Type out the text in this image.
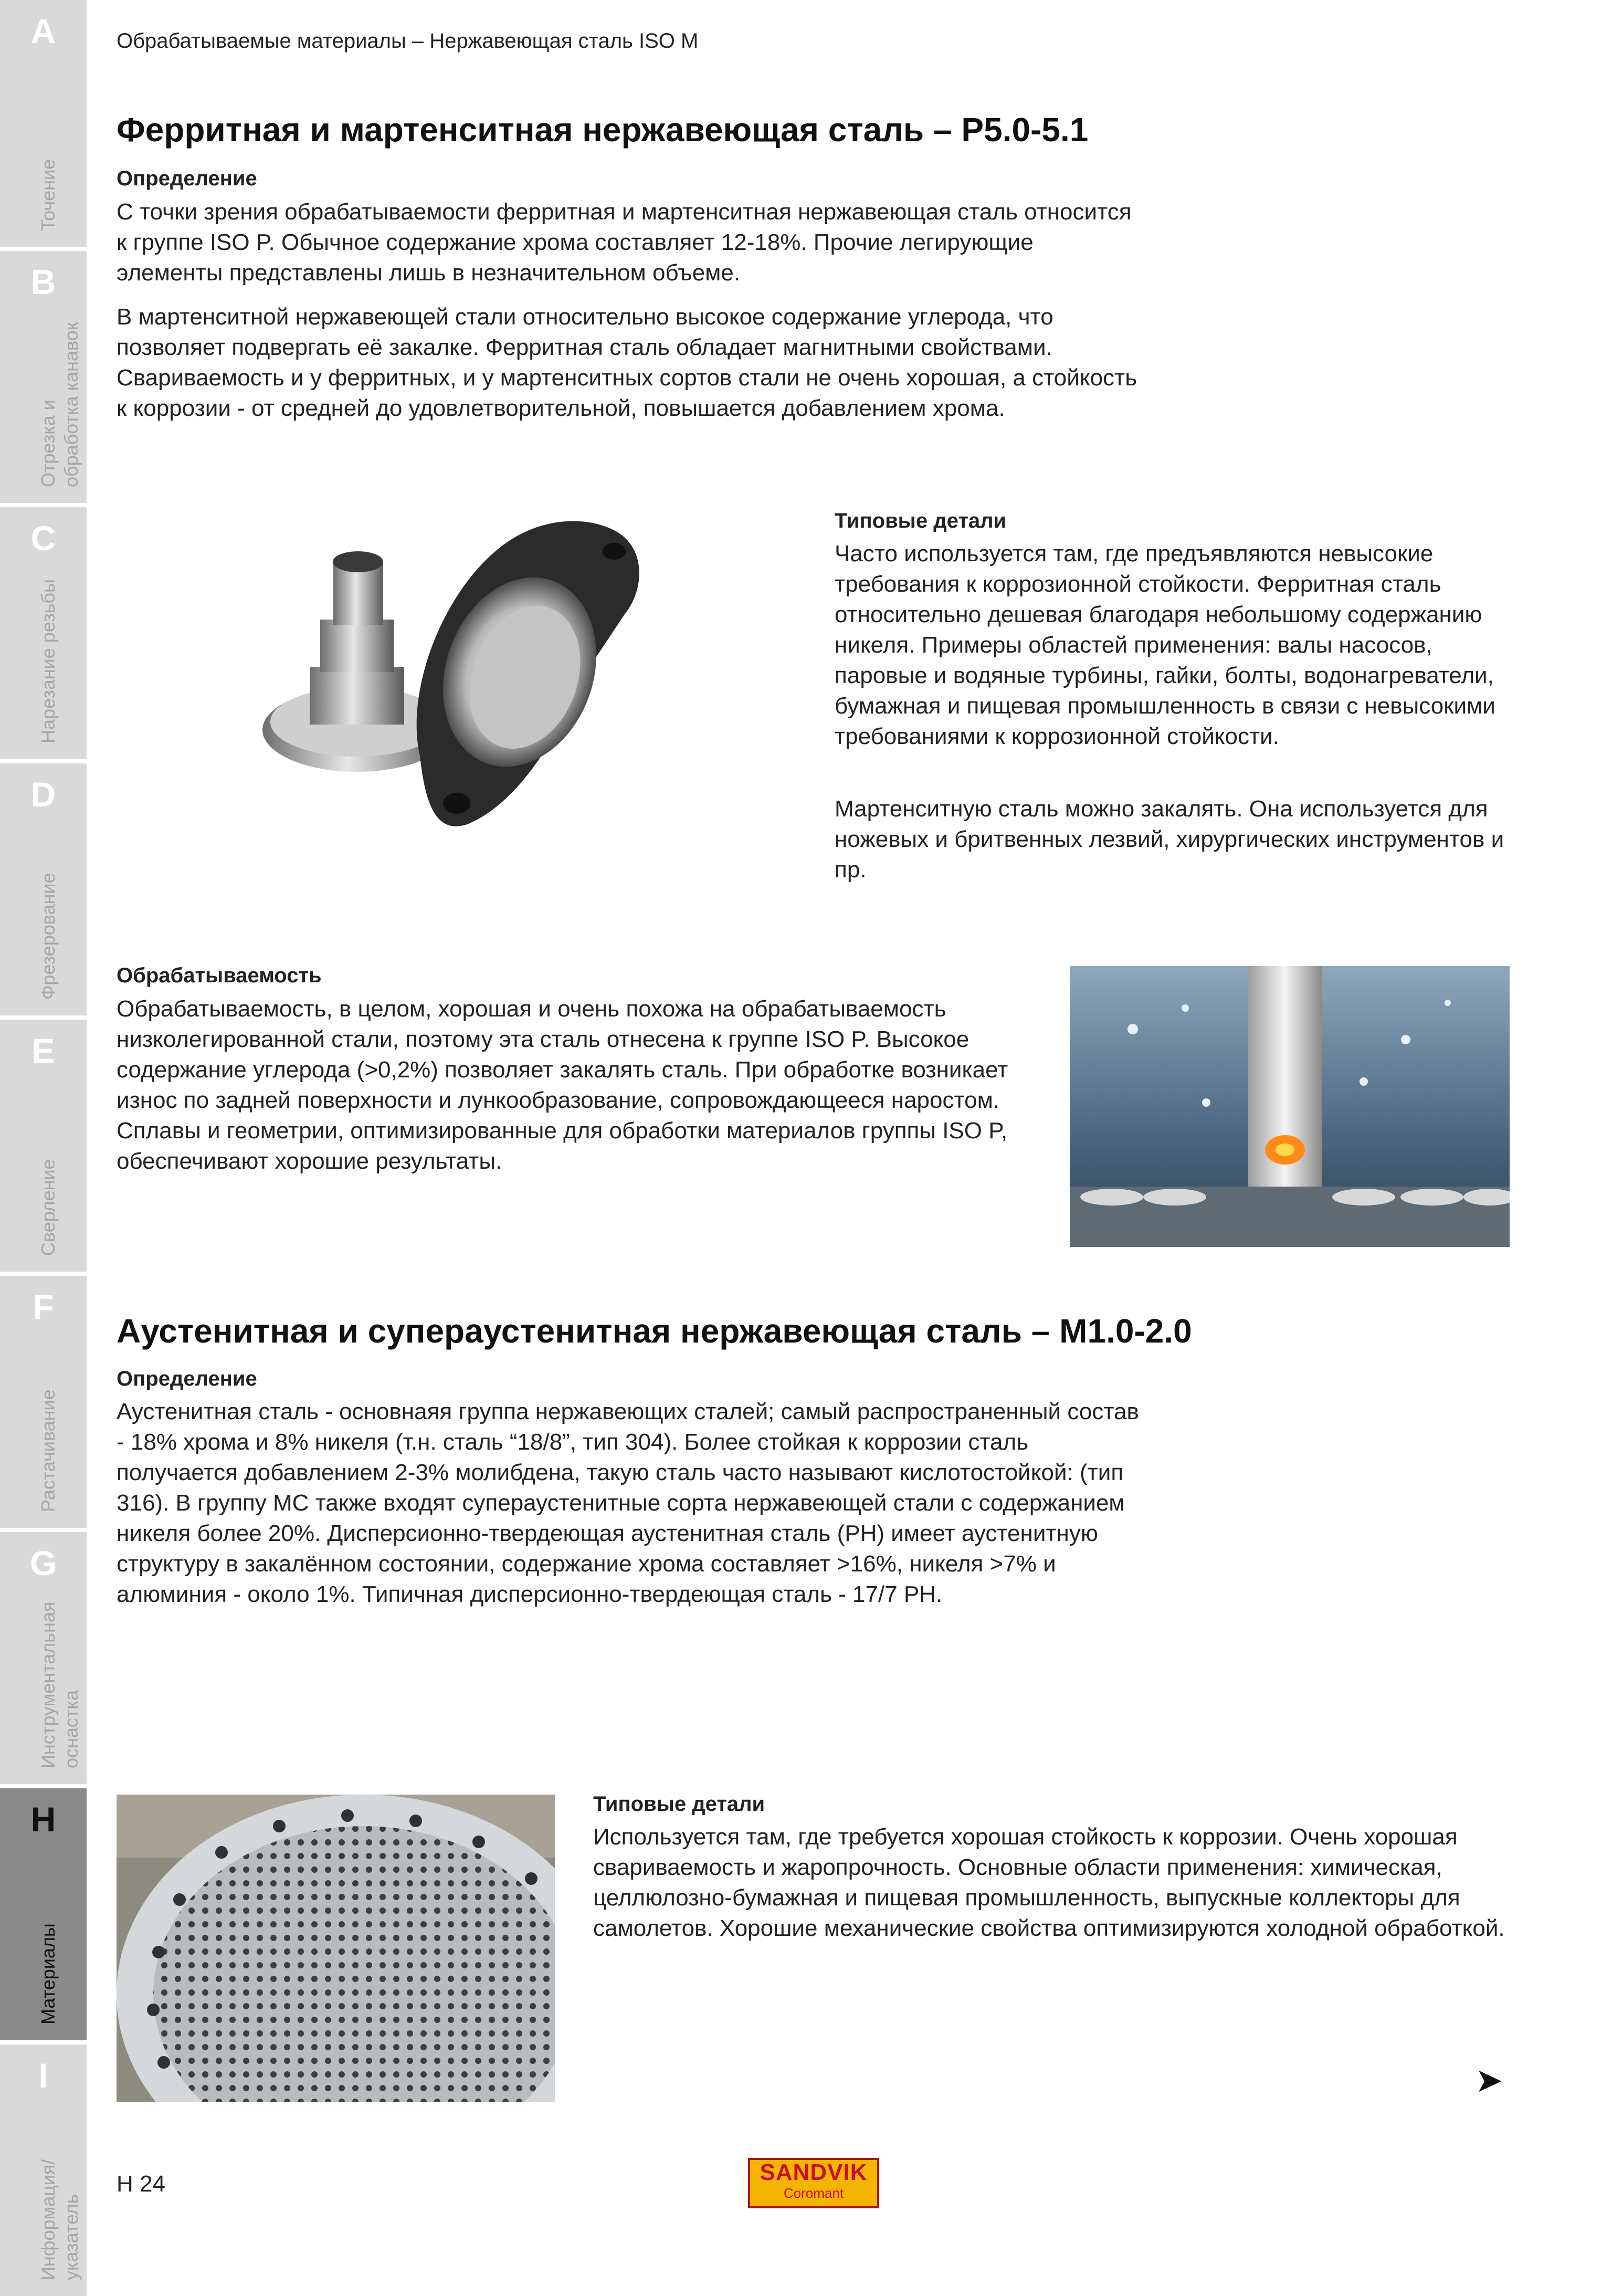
A
Точение
B
Отрезка и
обработка канавок
C
Нарезание резьбы
D
Фрезерование
E
Сверление
F
Растачивание
G
Инструментальная
оснастка
H
Материалы
I
Информация/
указатель
Обрабатываемые материалы – Нержавеющая сталь ISO M
Ферритная и мартенситная нержавеющая сталь – P5.0-5.1
Определение

С точки зрения обрабатываемости ферритная и мартенситная нержавеющая сталь относится к группе ISO P. Обычное содержание хрома составляет 12-18%. Прочие легирующие элементы представлены лишь в незначительном объеме.

В мартенситной нержавеющей стали относительно высокое содержание углерода, что позволяет подвергать её закалке. Ферритная сталь обладает магнитными свойствами. Свариваемость и у ферритных, и у мартенситных сортов стали не очень хорошая, а стойкость к коррозии - от средней до удовлетворительной, повышается добавлением хрома.

Типовые детали

Часто используется там, где предъявляются невысокие требования к коррозионной стойкости. Ферритная сталь относительно дешевая благодаря небольшому содержанию никеля. Примеры областей применения: валы насосов, паровые и водяные турбины, гайки, болты, водонагреватели, бумажная и пищевая промышленность в связи с невысокими требованиями к коррозионной стойкости.

Мартенситную сталь можно закалять. Она используется для ножевых и бритвенных лезвий, хирургических инструментов и пр.

Обрабатываемость

Обрабатываемость, в целом, хорошая и очень похожа на обрабатываемость низколегированной стали, поэтому эта сталь отнесена к группе ISO P. Высокое содержание углерода (>0,2%) позволяет закалять сталь. При обработке возникает износ по задней поверхности и лункообразование, сопровождающееся наростом. Сплавы и геометрии, оптимизированные для обработки материалов группы ISO P, обеспечивают хорошие результаты.

Аустенитная и супераустенитная нержавеющая сталь – M1.0-2.0
Определение

Аустенитная сталь - основнаяя группа нержавеющих сталей; самый распространенный состав - 18% хрома и 8% никеля (т.н. сталь “18/8”, тип 304). Более стойкая к коррозии сталь получается добавлением 2-3% молибдена, такую сталь часто называют кислотостойкой: (тип 316). В группу MC также входят супераустенитные сорта нержавеющей стали с содержанием никеля более 20%. Дисперсионно-твердеющая аустенитная сталь (PH) имеет аустенитную структуру в закалённом состоянии, содержание хрома составляет >16%, никеля >7% и алюминия - около 1%. Типичная дисперсионно-твердеющая сталь - 17/7 PH.

Типовые детали

Используется там, где требуется хорошая стойкость к коррозии. Очень хорошая свариваемость и жаропрочность. Основные области применения: химическая, целлюлозно-бумажная и пищевая промышленность, выпускные коллекторы для самолетов. Хорошие механические свойства оптимизируются холодной обработкой.

➤
H 24	SANDVIK
Coromant
